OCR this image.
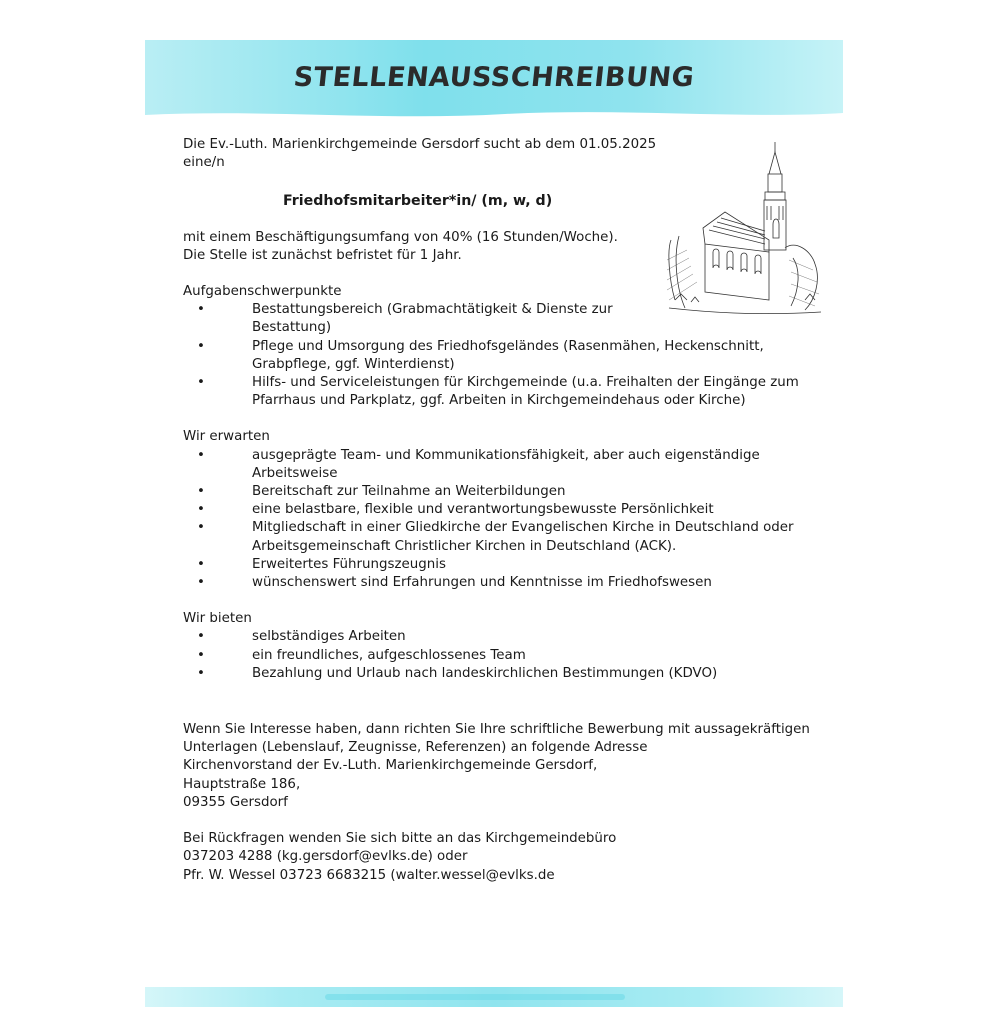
STELLENAUSSCHREIBUNG

Die Ev.-Luth. Marienkirchgemeinde Gersdorf sucht ab dem 01.05.2025

eine/n

Friedhofsmitarbeiter*in/ (m, w, d)

mit einem Beschäftigungsumfang von 40% (16 Stunden/Woche).

Die Stelle ist zunächst befristet für 1 Jahr.

Aufgabenschwerpunkte

•	Bestattungsbereich (Grabmachtätigkeit & Dienste zur
Bestattung)
•	Pflege und Umsorgung des Friedhofsgeländes (Rasenmähen, Heckenschnitt,
Grabpflege, ggf. Winterdienst)
•	Hilfs- und Serviceleistungen für Kirchgemeinde (u.a. Freihalten der Eingänge zum
Pfarrhaus und Parkplatz, ggf. Arbeiten in Kirchgemeindehaus oder Kirche)

Wir erwarten

•	ausgeprägte Team- und Kommunikationsfähigkeit, aber auch eigenständige
Arbeitsweise
•	Bereitschaft zur Teilnahme an Weiterbildungen
•	eine belastbare, flexible und verantwortungsbewusste Persönlichkeit
•	Mitgliedschaft in einer Gliedkirche der Evangelischen Kirche in Deutschland oder
Arbeitsgemeinschaft Christlicher Kirchen in Deutschland (ACK).
•	Erweitertes Führungszeugnis
•	wünschenswert sind Erfahrungen und Kenntnisse im Friedhofswesen

Wir bieten

•	selbständiges Arbeiten
•	ein freundliches, aufgeschlossenes Team
•	Bezahlung und Urlaub nach landeskirchlichen Bestimmungen (KDVO)

Wenn Sie Interesse haben, dann richten Sie Ihre schriftliche Bewerbung mit aussagekräftigen

Unterlagen (Lebenslauf, Zeugnisse, Referenzen) an folgende Adresse

Kirchenvorstand der Ev.-Luth. Marienkirchgemeinde Gersdorf,

Hauptstraße 186,

09355 Gersdorf

Bei Rückfragen wenden Sie sich bitte an das Kirchgemeindebüro

037203 4288 (kg.gersdorf@evlks.de) oder

Pfr. W. Wessel 03723 6683215 (walter.wessel@evlks.de
